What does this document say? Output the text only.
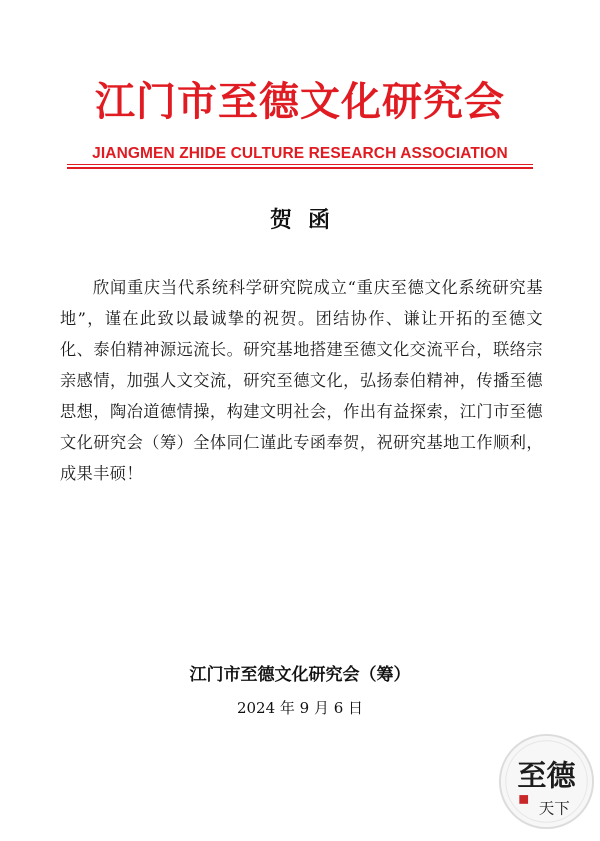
江门市至德文化研究会
JIANGMEN ZHIDE CULTURE RESEARCH ASSOCIATION
贺函
欣闻重庆当代系统科学研究院成立“重庆至德文化系统研究基地”，谨在此致以最诚挚的祝贺。团结协作、谦让开拓的至德文化、泰伯精神源远流长。研究基地搭建至德文化交流平台，联络宗亲感情，加强人文交流，研究至德文化，弘扬泰伯精神，传播至德思想，陶冶道德情操，构建文明社会，作出有益探索，江门市至德文化研究会（筹）全体同仁谨此专函奉贺，祝研究基地工作顺利，成果丰硕！
江门市至德文化研究会（筹）
2024 年 9 月 6 日
至德
天下
